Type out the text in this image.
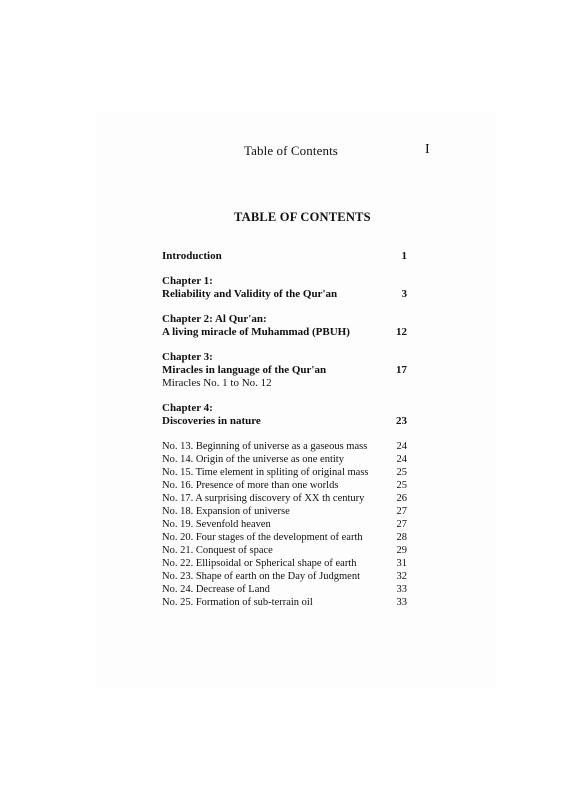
Table of Contents	I
TABLE OF CONTENTS
Introduction	1
Chapter 1:
Reliability and Validity of the Qur'an	3
Chapter 2: Al Qur'an:
A living miracle of Muhammad (PBUH)	12
Chapter 3:
Miracles in language of the Qur'an	17
Miracles No. 1 to No. 12
Chapter 4:
Discoveries in nature	23
No. 13. Beginning of universe as a gaseous mass	24
No. 14. Origin of the universe as one entity	24
No. 15. Time element in spliting of original mass	25
No. 16. Presence of more than one worlds	25
No. 17. A surprising discovery of XX th century	26
No. 18. Expansion of universe	27
No. 19. Sevenfold heaven	27
No. 20. Four stages of the development of earth	28
No. 21. Conquest of space	29
No. 22. Ellipsoidal or Spherical shape of earth	31
No. 23. Shape of earth on the Day of Judgment	32
No. 24. Decrease of Land	33
No. 25. Formation of sub-terrain oil	33
